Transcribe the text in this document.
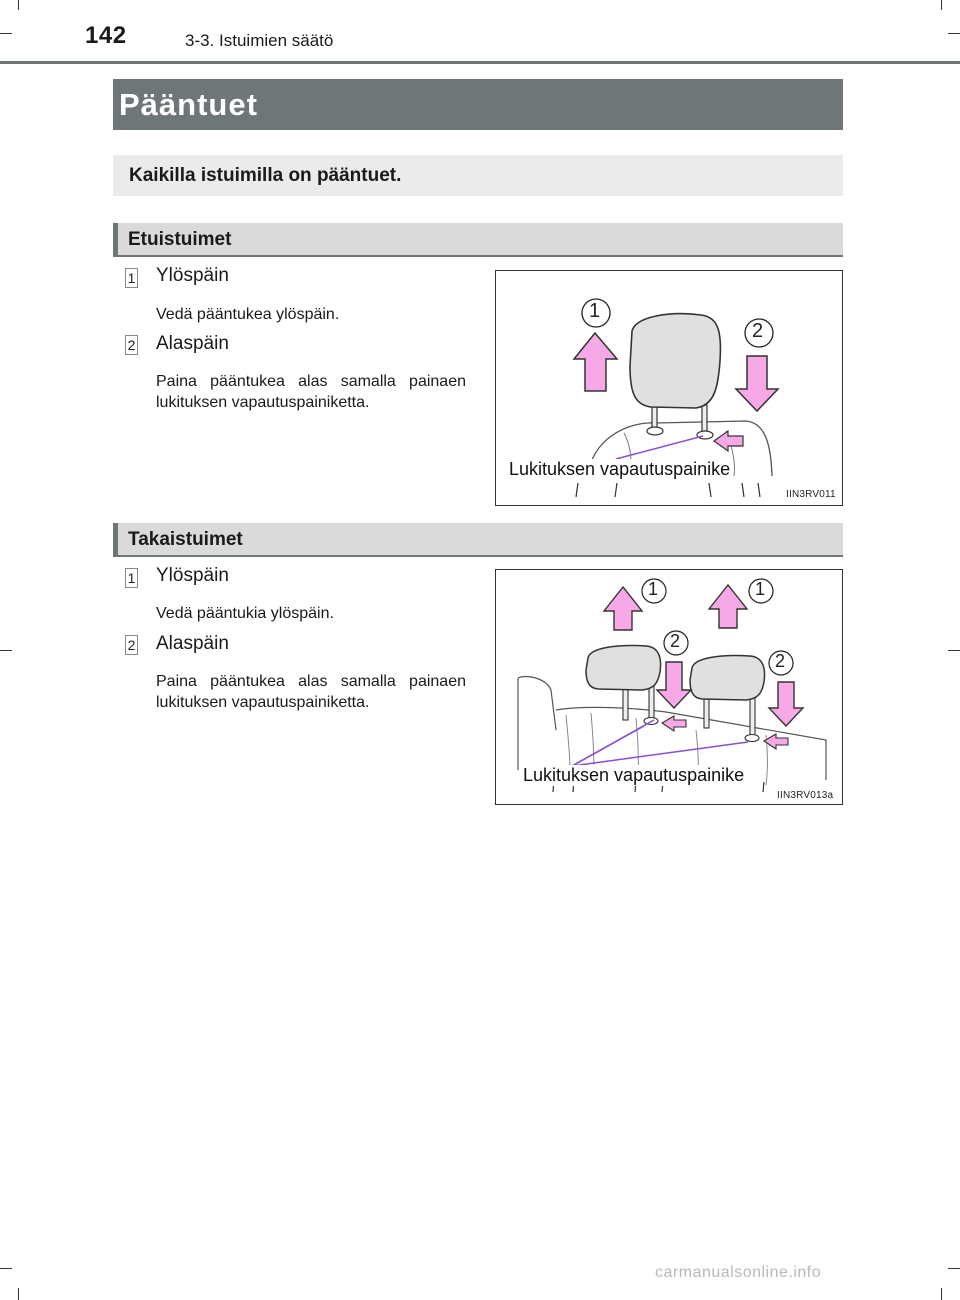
142	3-3. Istuimien säätö
Pääntuet
Kaikilla istuimilla on pääntuet.
Etuistuimet
1 Ylöspäin
Vedä pääntukea ylöspäin.
2 Alaspäin
Paina pääntukea alas samalla painaen lukituksen vapautuspainiketta.
1
2
Lukituksen vapautuspainike
IIN3RV011
Takaistuimet
1 Ylöspäin
Vedä pääntukia ylöspäin.
2 Alaspäin
Paina pääntukea alas samalla painaen lukituksen vapautuspainiketta.
1	1
2
2
Lukituksen vapautuspainike
IIN3RV013a
carmanualsonline.info
